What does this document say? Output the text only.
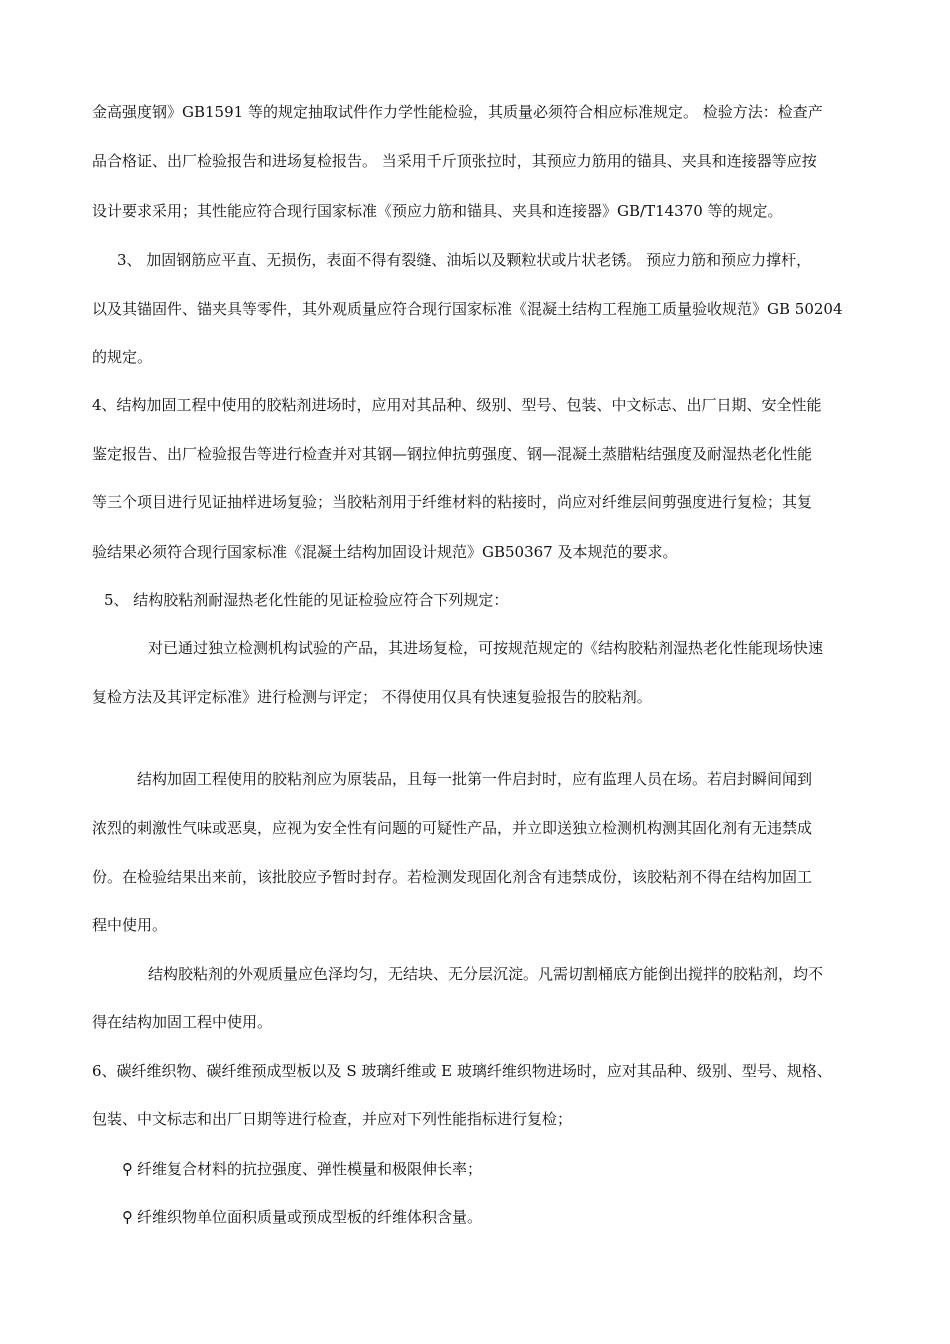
金高强度钢》GB1591 等的规定抽取试件作力学性能检验，其质量必须符合相应标准规定。 检验方法：检查产
品合格证、出厂检验报告和进场复检报告。 当采用千斤顶张拉时，其预应力筋用的锚具、夹具和连接器等应按
设计要求采用；其性能应符合现行国家标准《预应力筋和锚具、夹具和连接器》GB/T14370 等的规定。
3、 加固钢筋应平直、无损伤，表面不得有裂缝、油垢以及颗粒状或片状老锈。 预应力筋和预应力撑杆，
以及其锚固件、锚夹具等零件，其外观质量应符合现行国家标准《混凝土结构工程施工质量验收规范》GB 50204
的规定。
4、结构加固工程中使用的胶粘剂进场时，应用对其品种、级别、型号、包装、中文标志、出厂日期、安全性能
鉴定报告、出厂检验报告等进行检查并对其钢—钢拉伸抗剪强度、钢—混凝土蒸腊粘结强度及耐湿热老化性能
等三个项目进行见证抽样进场复验；当胶粘剂用于纤维材料的粘接时，尚应对纤维层间剪强度进行复检；其复
验结果必须符合现行国家标准《混凝土结构加固设计规范》GB50367 及本规范的要求。
5、 结构胶粘剂耐湿热老化性能的见证检验应符合下列规定：
对已通过独立检测机构试验的产品，其进场复检，可按规范规定的《结构胶粘剂湿热老化性能现场快速
复检方法及其评定标准》进行检测与评定； 不得使用仅具有快速复验报告的胶粘剂。
结构加固工程使用的胶粘剂应为原装品，且每一批第一件启封时，应有监理人员在场。若启封瞬间闻到
浓烈的刺激性气味或恶臭，应视为安全性有问题的可疑性产品，并立即送独立检测机构测其固化剂有无违禁成
份。在检验结果出来前，该批胶应予暂时封存。若检测发现固化剂含有违禁成份，该胶粘剂不得在结构加固工
程中使用。
结构胶粘剂的外观质量应色泽均匀，无结块、无分层沉淀。凡需切割桶底方能倒出搅拌的胶粘剂，均不
得在结构加固工程中使用。
6、碳纤维织物、碳纤维预成型板以及 S 玻璃纤维或 E 玻璃纤维织物进场时，应对其品种、级别、型号、规格、
包装、中文标志和出厂日期等进行检查，并应对下列性能指标进行复检；
⚲ 纤维复合材料的抗拉强度、弹性模量和极限伸长率；
⚲ 纤维织物单位面积质量或预成型板的纤维体积含量。
